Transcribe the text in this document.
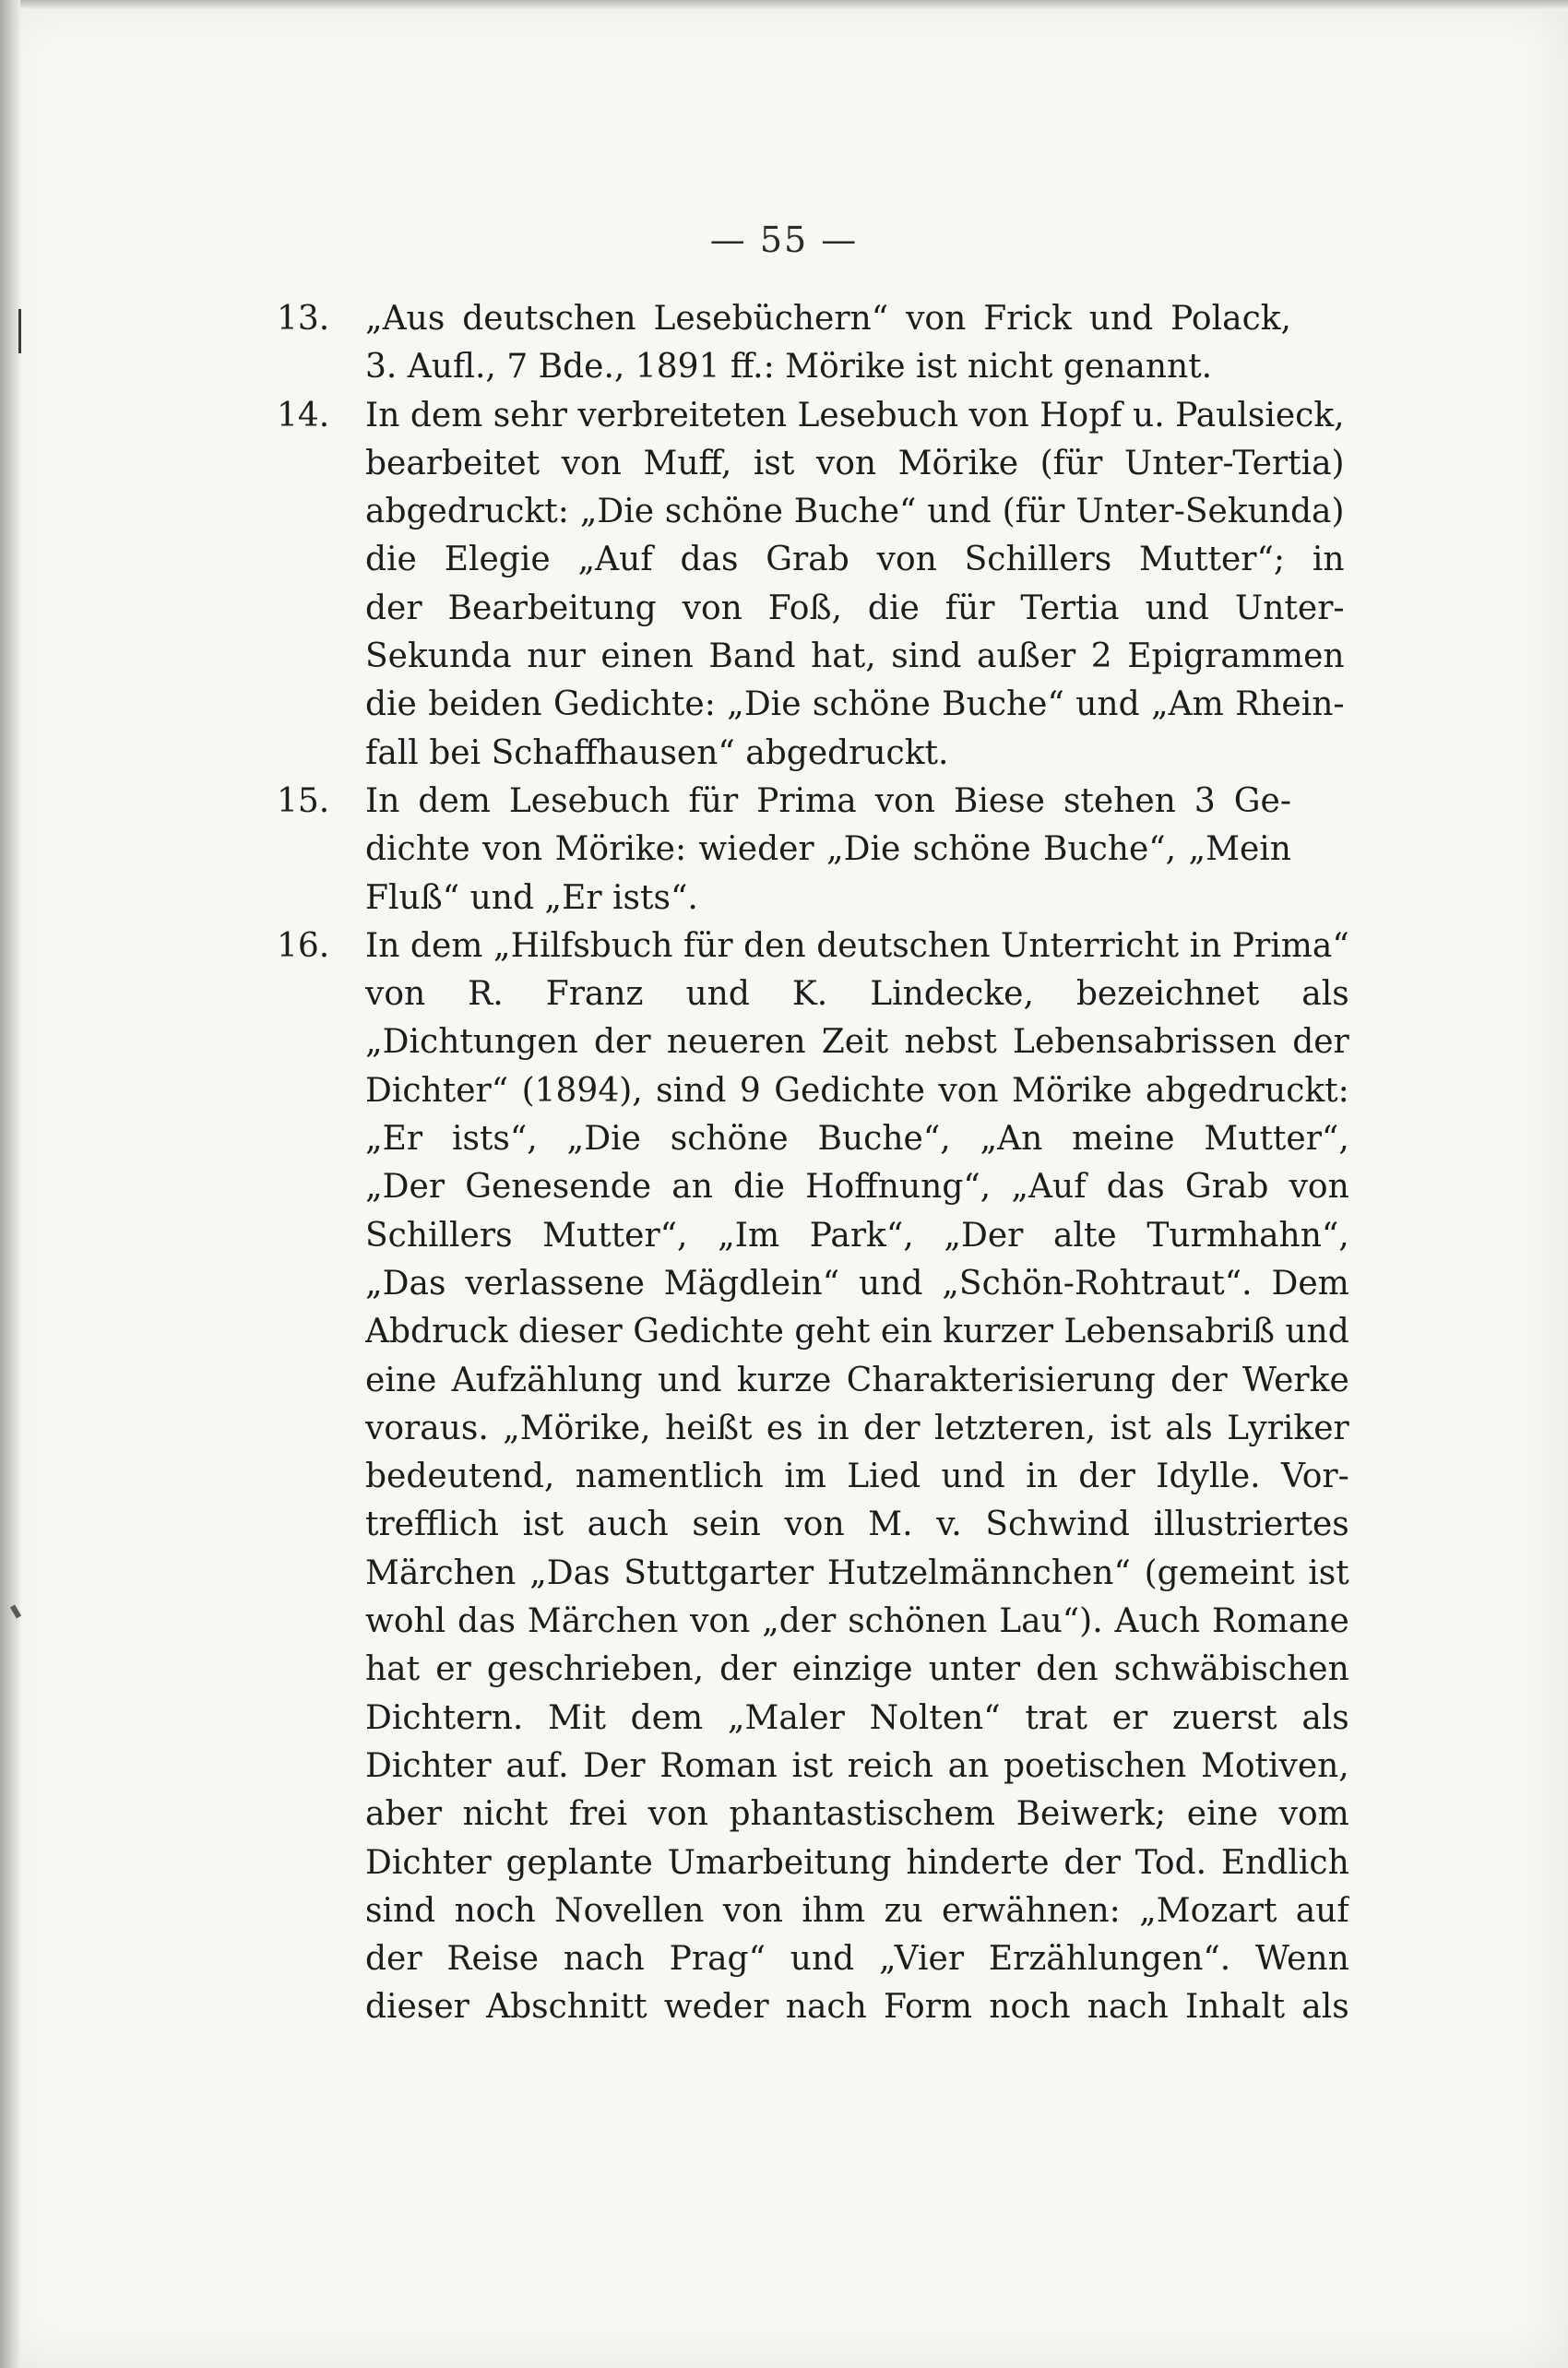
— 55 —
13.	„Aus deutschen Lesebüchern“ von Frick und Polack,
3. Aufl., 7 Bde., 1891 ff.: Mörike ist nicht genannt.
14.	In dem sehr verbreiteten Lesebuch von Hopf u. Paulsieck,
bearbeitet von Muff, ist von Mörike (für Unter-Tertia)
abgedruckt: „Die schöne Buche“ und (für Unter-Sekunda)
die Elegie „Auf das Grab von Schillers Mutter“; in
der Bearbeitung von Foß, die für Tertia und Unter-
Sekunda nur einen Band hat, sind außer 2 Epigrammen
die beiden Gedichte: „Die schöne Buche“ und „Am Rhein-
fall bei Schaffhausen“ abgedruckt.
15.	In dem Lesebuch für Prima von Biese stehen 3 Ge-
dichte von Mörike: wieder „Die schöne Buche“, „Mein
Fluß“ und „Er ists“.
16.	In dem „Hilfsbuch für den deutschen Unterricht in Prima“
von R. Franz und K. Lindecke, bezeichnet als
„Dichtungen der neueren Zeit nebst Lebensabrissen der
Dichter“ (1894), sind 9 Gedichte von Mörike abgedruckt:
„Er ists“, „Die schöne Buche“, „An meine Mutter“,
„Der Genesende an die Hoffnung“, „Auf das Grab von
Schillers Mutter“, „Im Park“, „Der alte Turmhahn“,
„Das verlassene Mägdlein“ und „Schön-Rohtraut“. Dem
Abdruck dieser Gedichte geht ein kurzer Lebensabriß und
eine Aufzählung und kurze Charakterisierung der Werke
voraus. „Mörike, heißt es in der letzteren, ist als Lyriker
bedeutend, namentlich im Lied und in der Idylle. Vor-
trefflich ist auch sein von M. v. Schwind illustriertes
Märchen „Das Stuttgarter Hutzelmännchen“ (gemeint ist
wohl das Märchen von „der schönen Lau“). Auch Romane
hat er geschrieben, der einzige unter den schwäbischen
Dichtern. Mit dem „Maler Nolten“ trat er zuerst als
Dichter auf. Der Roman ist reich an poetischen Motiven,
aber nicht frei von phantastischem Beiwerk; eine vom
Dichter geplante Umarbeitung hinderte der Tod. Endlich
sind noch Novellen von ihm zu erwähnen: „Mozart auf
der Reise nach Prag“ und „Vier Erzählungen“. Wenn
dieser Abschnitt weder nach Form noch nach Inhalt als
